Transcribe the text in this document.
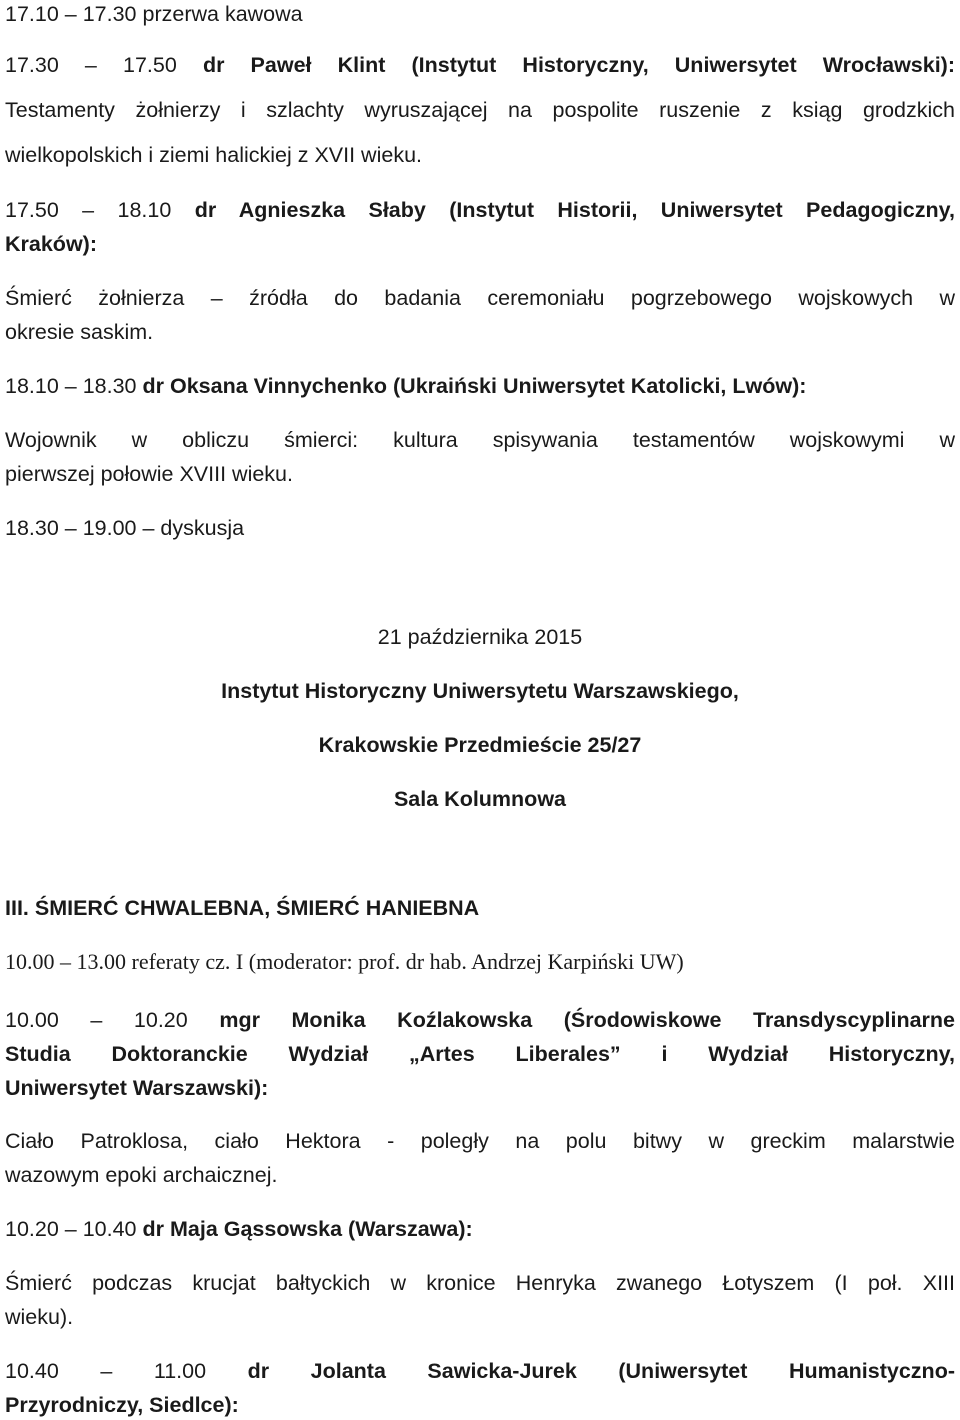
17.10 – 17.30 przerwa kawowa
17.30 – 17.50 dr Paweł Klint (Instytut Historyczny, Uniwersytet Wrocławski):
Testamenty żołnierzy i szlachty wyruszającej na pospolite ruszenie z ksiąg grodzkich
wielkopolskich i ziemi halickiej z XVII wieku.
17.50 – 18.10 dr Agnieszka Słaby (Instytut Historii, Uniwersytet Pedagogiczny,
Kraków):
Śmierć żołnierza – źródła do badania ceremoniału pogrzebowego wojskowych w
okresie saskim.
18.10 – 18.30 dr Oksana Vinnychenko (Ukraiński Uniwersytet Katolicki, Lwów):
Wojownik w obliczu śmierci: kultura spisywania testamentów wojskowymi w
pierwszej połowie XVIII wieku.
18.30 – 19.00 – dyskusja
21 października 2015
Instytut Historyczny Uniwersytetu Warszawskiego,
Krakowskie Przedmieście 25/27
Sala Kolumnowa
III. ŚMIERĆ CHWALEBNA, ŚMIERĆ HANIEBNA
10.00 – 13.00 referaty cz. I (moderator: prof. dr hab. Andrzej Karpiński UW)
10.00 – 10.20 mgr Monika Koźlakowska (Środowiskowe Transdyscyplinarne
Studia Doktoranckie Wydział „Artes Liberales” i Wydział Historyczny,
Uniwersytet Warszawski):
Ciało Patroklosa, ciało Hektora - poległy na polu bitwy w greckim malarstwie
wazowym epoki archaicznej.
10.20 – 10.40 dr Maja Gąssowska (Warszawa):
Śmierć podczas krucjat bałtyckich w kronice Henryka zwanego Łotyszem (I poł. XIII
wieku).
10.40 – 11.00 dr Jolanta Sawicka-Jurek (Uniwersytet Humanistyczno-
Przyrodniczy, Siedlce):
